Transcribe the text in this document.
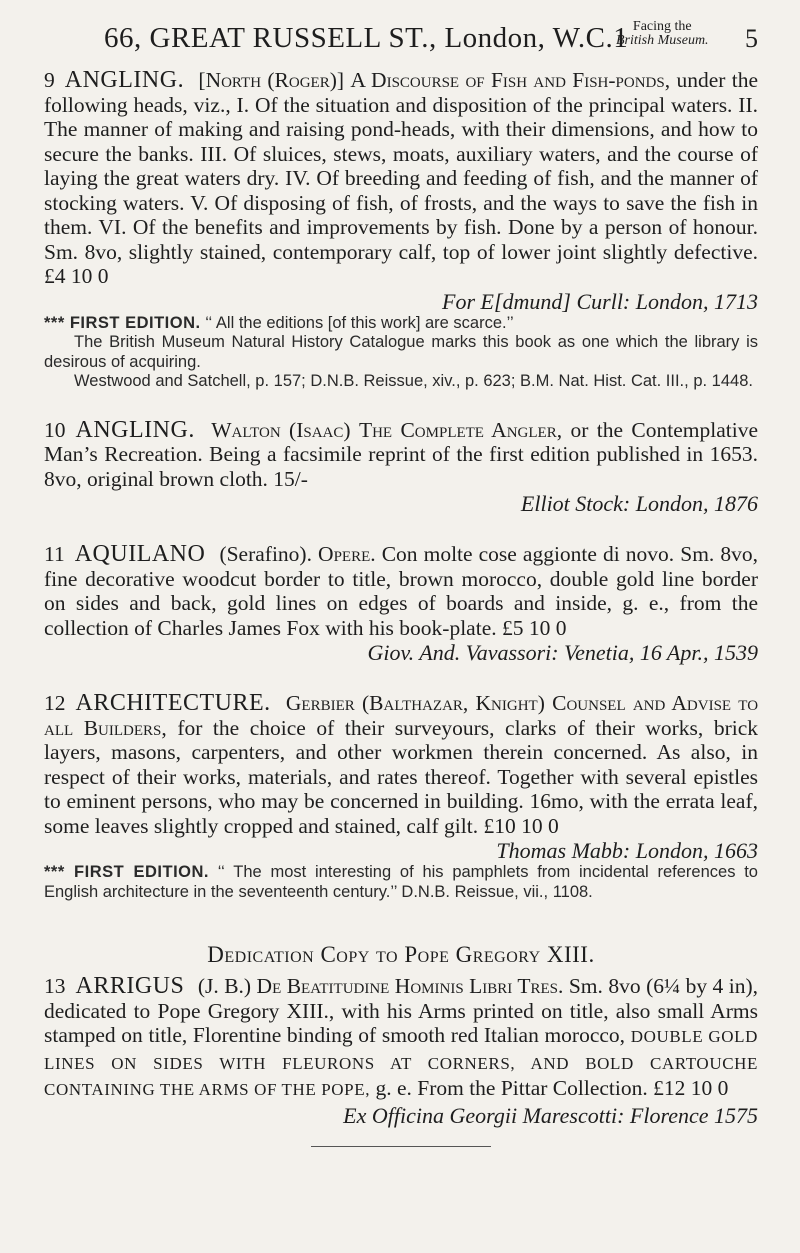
66, GREAT RUSSELL ST., London, W.C.1 Facing the
British Museum. 5

9 ANGLING. [North (Roger)] A Discourse of Fish and Fish-ponds, under the following heads, viz., I. Of the situation and disposition of the principal waters. II. The manner of making and raising pond-heads, with their dimensions, and how to secure the banks. III. Of sluices, stews, moats, auxiliary waters, and the course of laying the great waters dry. IV. Of breeding and feeding of fish, and the manner of stocking waters. V. Of disposing of fish, of frosts, and the ways to save the fish in them. VI. Of the benefits and improvements by fish. Done by a person of honour. Sm. 8vo, slightly stained, contemporary calf, top of lower joint slightly defective. £4 10 0

For E[dmund] Curll: London, 1713

*** FIRST EDITION. ‘‘ All the editions [of this work] are scarce.’’

The British Museum Natural History Catalogue marks this book as one which the library is desirous of acquiring.

Westwood and Satchell, p. 157; D.N.B. Reissue, xiv., p. 623; B.M. Nat. Hist. Cat. III., p. 1448.

10 ANGLING. Walton (Isaac) The Complete Angler, or the Contemplative Man’s Recreation. Being a facsimile reprint of the first edition published in 1653. 8vo, original brown cloth. 15/-

Elliot Stock: London, 1876

11 AQUILANO (Serafino). Opere. Con molte cose aggionte di novo. Sm. 8vo, fine decorative woodcut border to title, brown morocco, double gold line border on sides and back, gold lines on edges of boards and inside, g. e., from the collection of Charles James Fox with his book-plate. £5 10 0

Giov. And. Vavassori: Venetia, 16 Apr., 1539

12 ARCHITECTURE. Gerbier (Balthazar, Knight) Counsel and Advise to all Builders, for the choice of their surveyours, clarks of their works, brick layers, masons, carpenters, and other workmen therein concerned. As also, in respect of their works, materials, and rates thereof. Together with several epistles to eminent persons, who may be concerned in building. 16mo, with the errata leaf, some leaves slightly cropped and stained, calf gilt. £10 10 0

Thomas Mabb: London, 1663

*** FIRST EDITION. ‘‘ The most interesting of his pamphlets from incidental references to English architecture in the seventeenth century.’’ D.N.B. Reissue, vii., 1108.

Dedication Copy to Pope Gregory XIII.

13 ARRIGUS (J. B.) De Beatitudine Hominis Libri Tres. Sm. 8vo (6¼ by 4 in), dedicated to Pope Gregory XIII., with his Arms printed on title, also small Arms stamped on title, Florentine binding of smooth red Italian morocco, DOUBLE GOLD LINES ON SIDES WITH FLEURONS AT CORNERS, AND BOLD CARTOUCHE CONTAINING THE ARMS OF THE POPE, g. e. From the Pittar Collection. £12 10 0

Ex Officina Georgii Marescotti: Florence 1575
